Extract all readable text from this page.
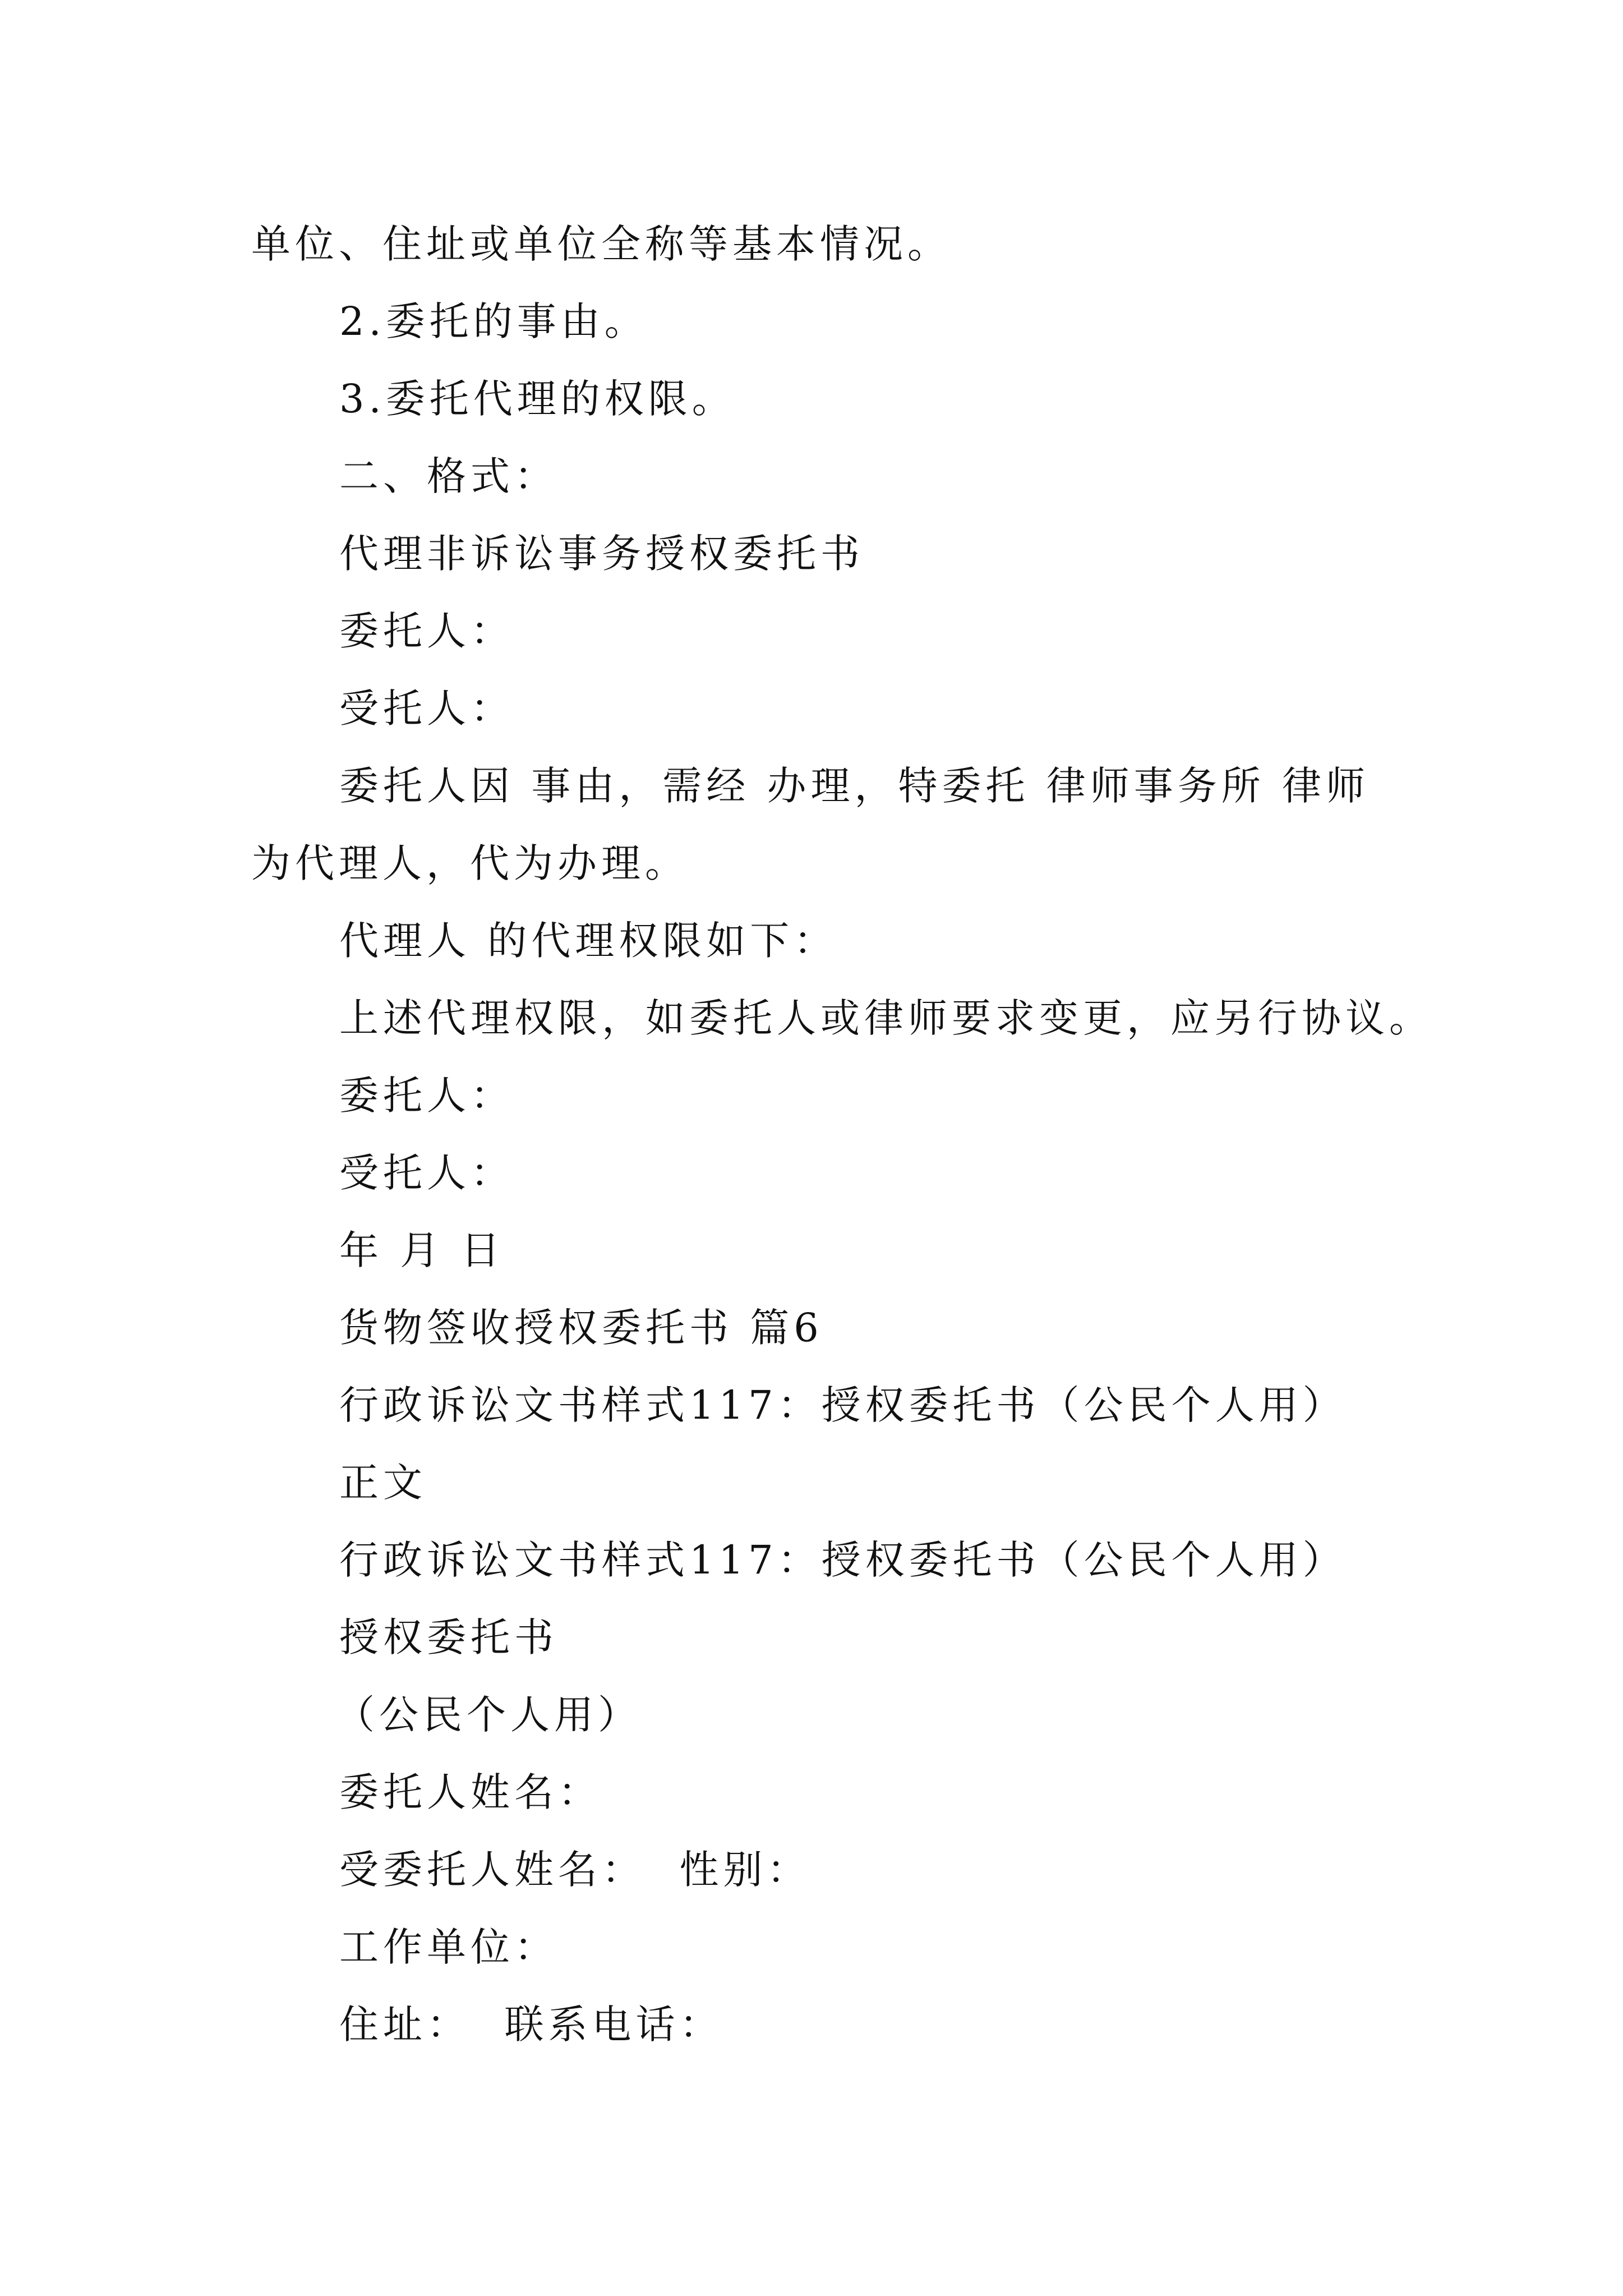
单位、住址或单位全称等基本情况。
2.委托的事由。
3.委托代理的权限。
二、格式：
代理非诉讼事务授权委托书
委托人：
受托人：
委托人因 事由，需经 办理，特委托 律师事务所 律师
为代理人，代为办理。
代理人 的代理权限如下：
上述代理权限，如委托人或律师要求变更，应另行协议。
委托人：
受托人：
年 月 日
货物签收授权委托书 篇6
行政诉讼文书样式117：授权委托书（公民个人用）
正文
行政诉讼文书样式117：授权委托书（公民个人用）
授权委托书
（公民个人用）
委托人姓名：
受委托人姓名：  性别：
工作单位：
住址：  联系电话：
